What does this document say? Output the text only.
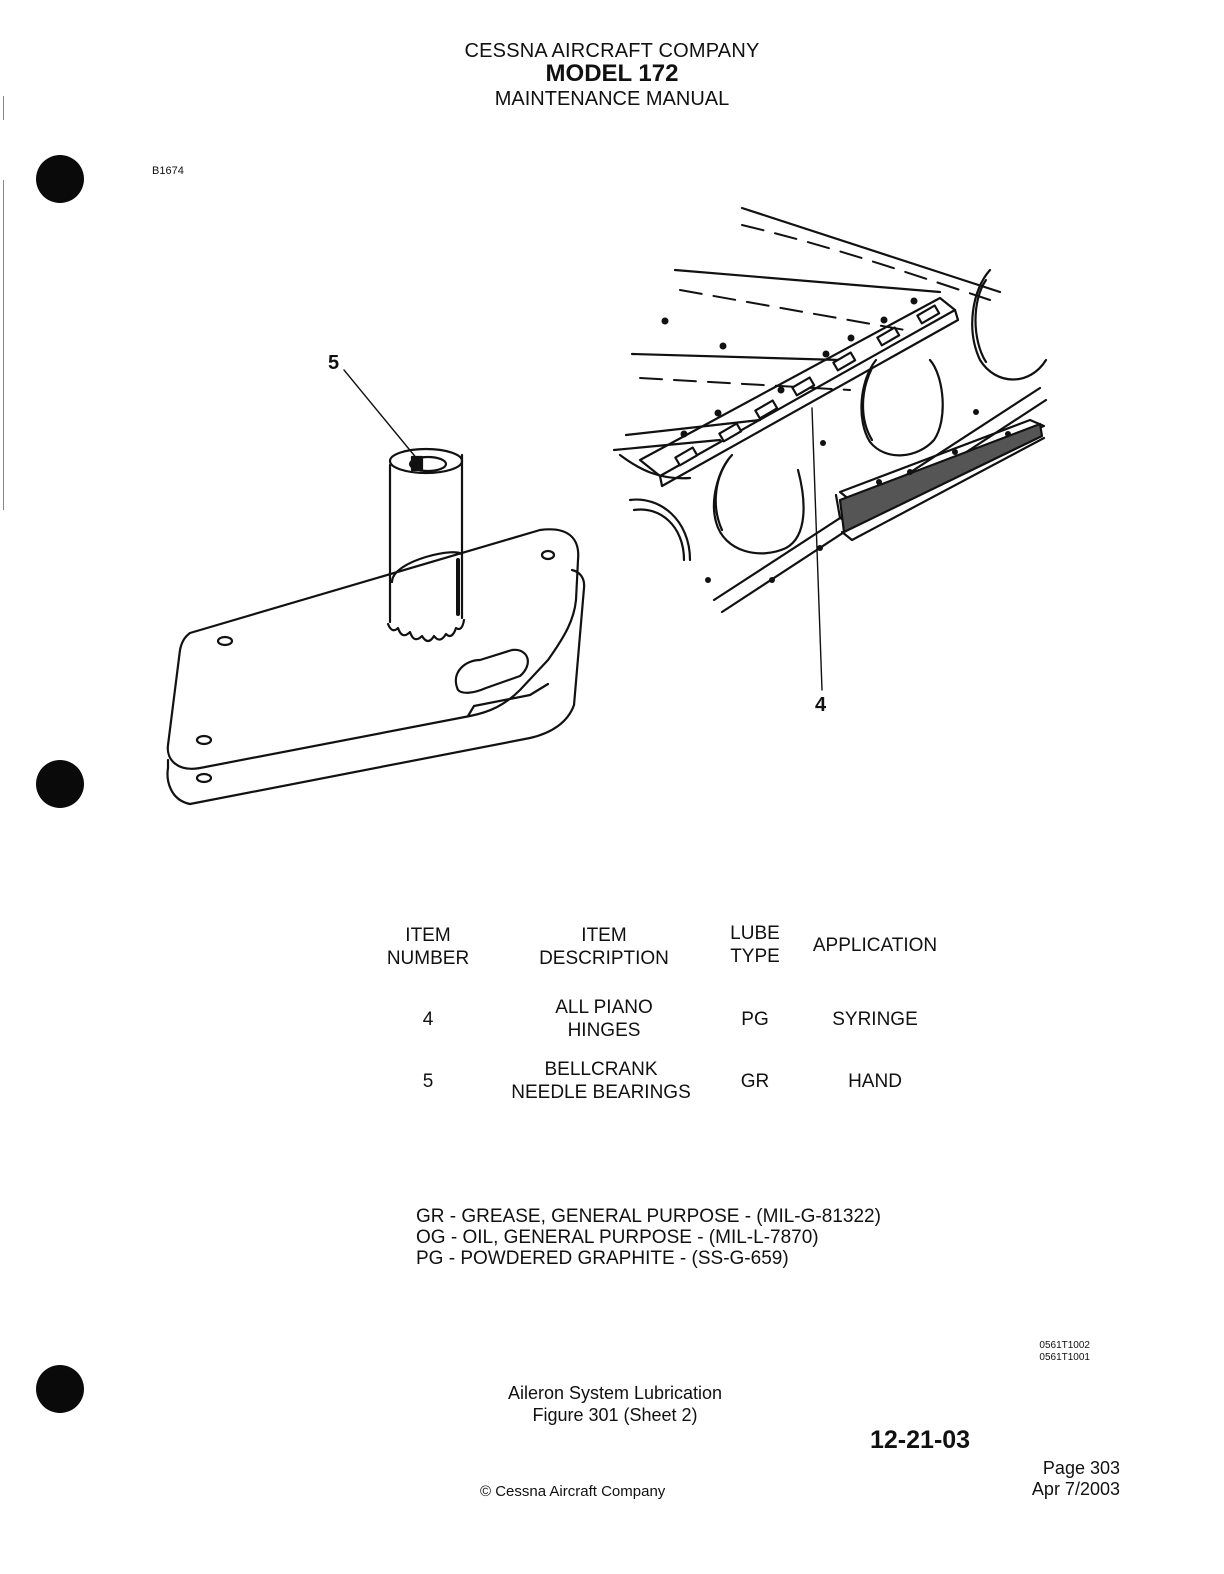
CESSNA AIRCRAFT COMPANY
MODEL 172
MAINTENANCE MANUAL
B1674
5
4
ITEM
NUMBER
ITEM
DESCRIPTION
LUBE
TYPE
APPLICATION
4
ALL PIANO
HINGES
PG	SYRINGE
5
BELLCRANK
NEEDLE BEARINGS
GR	HAND
GR - GREASE, GENERAL PURPOSE - (MIL-G-81322)
OG - OIL, GENERAL PURPOSE - (MIL-L-7870)
PG - POWDERED GRAPHITE - (SS-G-659)
0561T1002
0561T1001
Aileron System Lubrication
Figure 301 (Sheet 2)
12-21-03
Page 303
Apr 7/2003
© Cessna Aircraft Company
